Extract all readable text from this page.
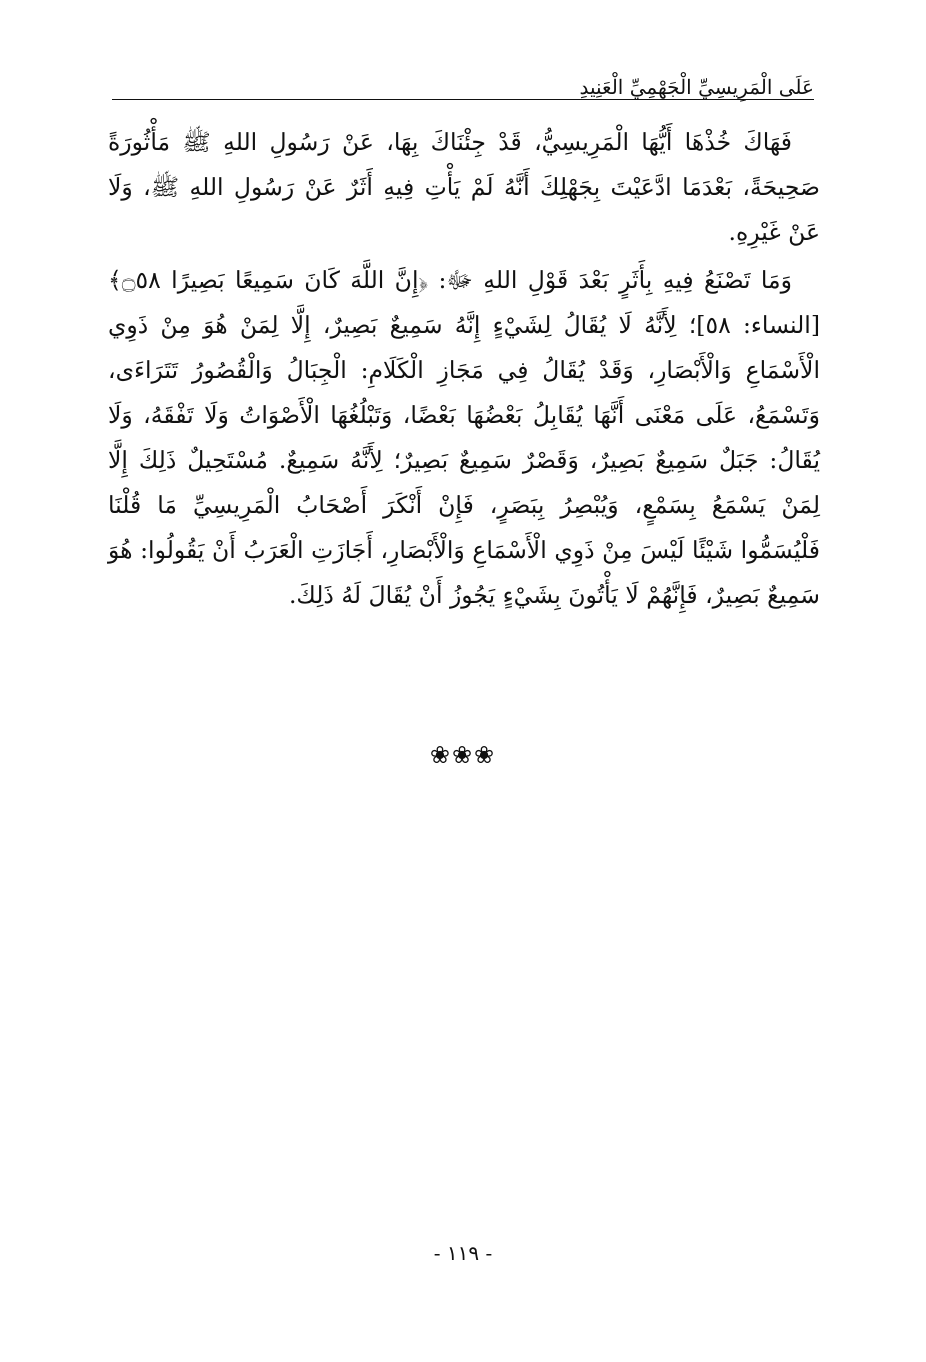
عَلَى الْمَرِيسِيِّ الْجَهْمِيِّ الْعَنِيدِ

فَهَاكَ خُذْهَا أَيُّهَا الْمَرِيسِيُّ، قَدْ جِئْنَاكَ بِهَا، عَنْ رَسُولِ اللهِ ﷺ مَأْثُورَةً صَحِيحَةً، بَعْدَمَا ادَّعَيْتَ بِجَهْلِكَ أَنَّهُ لَمْ يَأْتِ فِيهِ أَثَرٌ عَنْ رَسُولِ اللهِ ﷺ، وَلَا عَنْ غَيْرِهِ.

وَمَا تَصْنَعُ فِيهِ بِأَثَرٍ بَعْدَ قَوْلِ اللهِ ﷻ: ﴿إِنَّ اللَّهَ كَانَ سَمِيعًا بَصِيرًا ۝٥٨﴾ [النساء: ٥٨]؛ لِأَنَّهُ لَا يُقَالُ لِشَيْءٍ إِنَّهُ سَمِيعٌ بَصِيرٌ، إِلَّا لِمَنْ هُوَ مِنْ ذَوِي الْأَسْمَاعِ وَالْأَبْصَارِ، وَقَدْ يُقَالُ فِي مَجَازِ الْكَلَامِ: الْجِبَالُ وَالْقُصُورُ تَتَرَاءَى، وَتَسْمَعُ، عَلَى مَعْنَى أَنَّهَا يُقَابِلُ بَعْضُهَا بَعْضًا، وَتَبْلُغُهَا الْأَصْوَاتُ وَلَا تَفْقَهُ، وَلَا يُقَالُ: جَبَلٌ سَمِيعٌ بَصِيرٌ، وَقَصْرٌ سَمِيعٌ بَصِيرٌ؛ لِأَنَّهُ سَمِيعٌ. مُسْتَحِيلٌ ذَلِكَ إِلَّا لِمَنْ يَسْمَعُ بِسَمْعٍ، وَيُبْصِرُ بِبَصَرٍ، فَإِنْ أَنْكَرَ أَصْحَابُ الْمَرِيسِيِّ مَا قُلْنَا فَلْيُسَمُّوا شَيْئًا لَيْسَ مِنْ ذَوِي الْأَسْمَاعِ وَالْأَبْصَارِ، أَجَازَتِ الْعَرَبُ أَنْ يَقُولُوا: هُوَ سَمِيعٌ بَصِيرٌ، فَإِنَّهُمْ لَا يَأْتُونَ بِشَيْءٍ يَجُوزُ أَنْ يُقَالَ لَهُ ذَلِكَ.

❀❀❀
- ١١٩ -
